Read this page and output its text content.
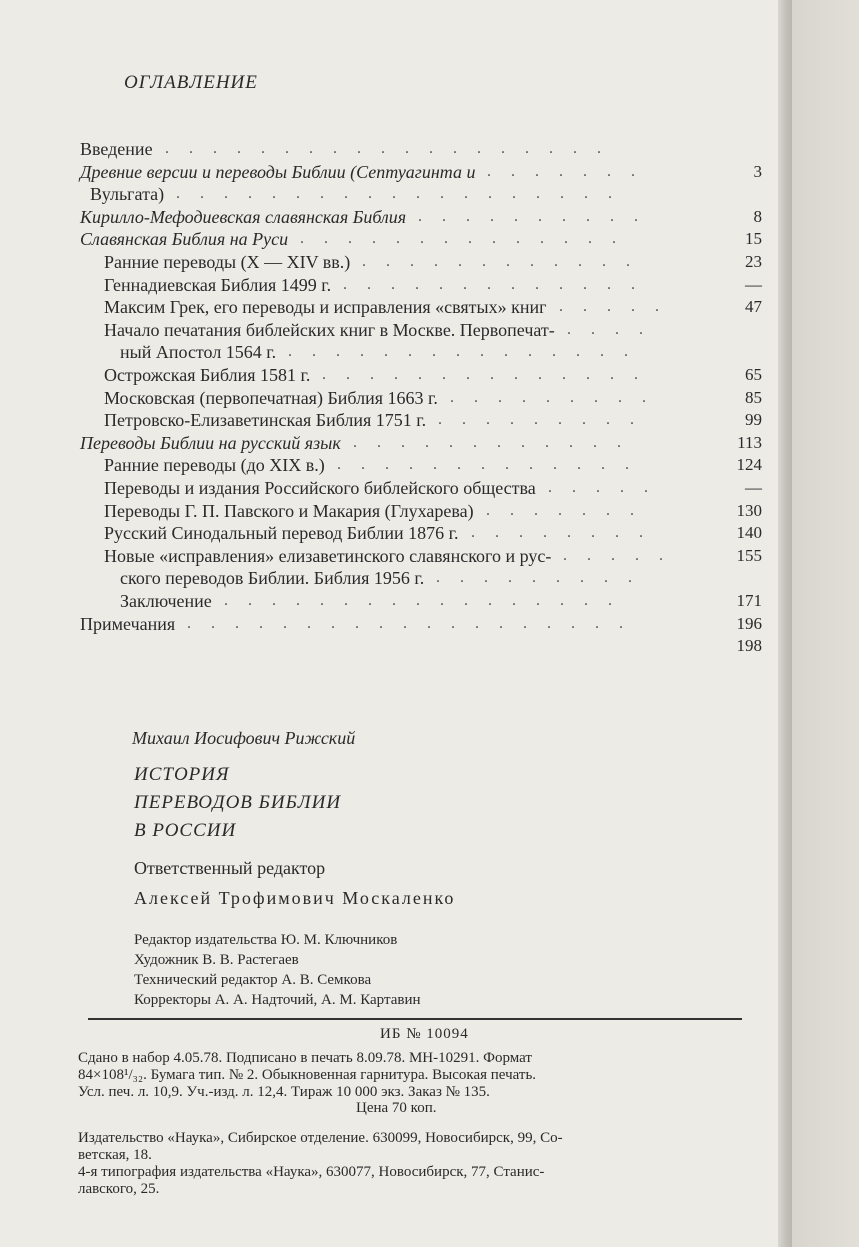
ОГЛАВЛЕНИЕ
Введение ...................
Древние версии и переводы Библии (Септуагинта и	3
.......
Вульгата) ...................
Кирилло-Мефодиевская славянская Библия	8
..........
Славянская Библия на Руси	15
..............
Ранние переводы (X — XIV вв.)	23
............
Геннадиевская Библия 1499 г.	—
.............
Максим Грек, его переводы и исправления «святых» книг	47
.....
Начало печатания библейских книг в Москве. Первопечат- ....
ный Апостол 1564 г. ...............
Острожская Библия 1581 г.	65
..............
Московская (первопечатная) Библия 1663 г.	85
.........
Петровско-Елизаветинская Библия 1751 г.	99
.........
Переводы Библии на русский язык	113
............
Ранние переводы (до XIX в.)	124
.............
Переводы и издания Российского библейского общества	—
.....
Переводы Г. П. Павского и Макария (Глухарева)	130
.......
Русский Синодальный перевод Библии 1876 г.	140
........
Новые «исправления» елизаветинского славянского и рус-	155
.....
ского переводов Библии. Библия 1956 г. .........
Заключение	171
.................
Примечания	196
...................
198
Михаил Иосифович Рижский
ИСТОРИЯ
ПЕРЕВОДОВ БИБЛИИ
В РОССИИ
Ответственный редактор
Алексей Трофимович Москаленко
Редактор издательства Ю. М. Ключников
Художник В. В. Растегаев
Технический редактор А. В. Семкова
Корректоры А. А. Надточий, А. М. Картавин
ИБ № 10094
Сдано в набор 4.05.78. Подписано в печать 8.09.78. МН-10291. Формат
84×108¹/₃₂. Бумага тип. № 2. Обыкновенная гарнитура. Высокая печать.
Усл. печ. л. 10,9. Уч.-изд. л. 12,4. Тираж 10 000 экз. Заказ № 135.
Цена 70 коп.
Издательство «Наука», Сибирское отделение. 630099, Новосибирск, 99, Со-
ветская, 18.
4-я типография издательства «Наука», 630077, Новосибирск, 77, Станис-
лавского, 25.
